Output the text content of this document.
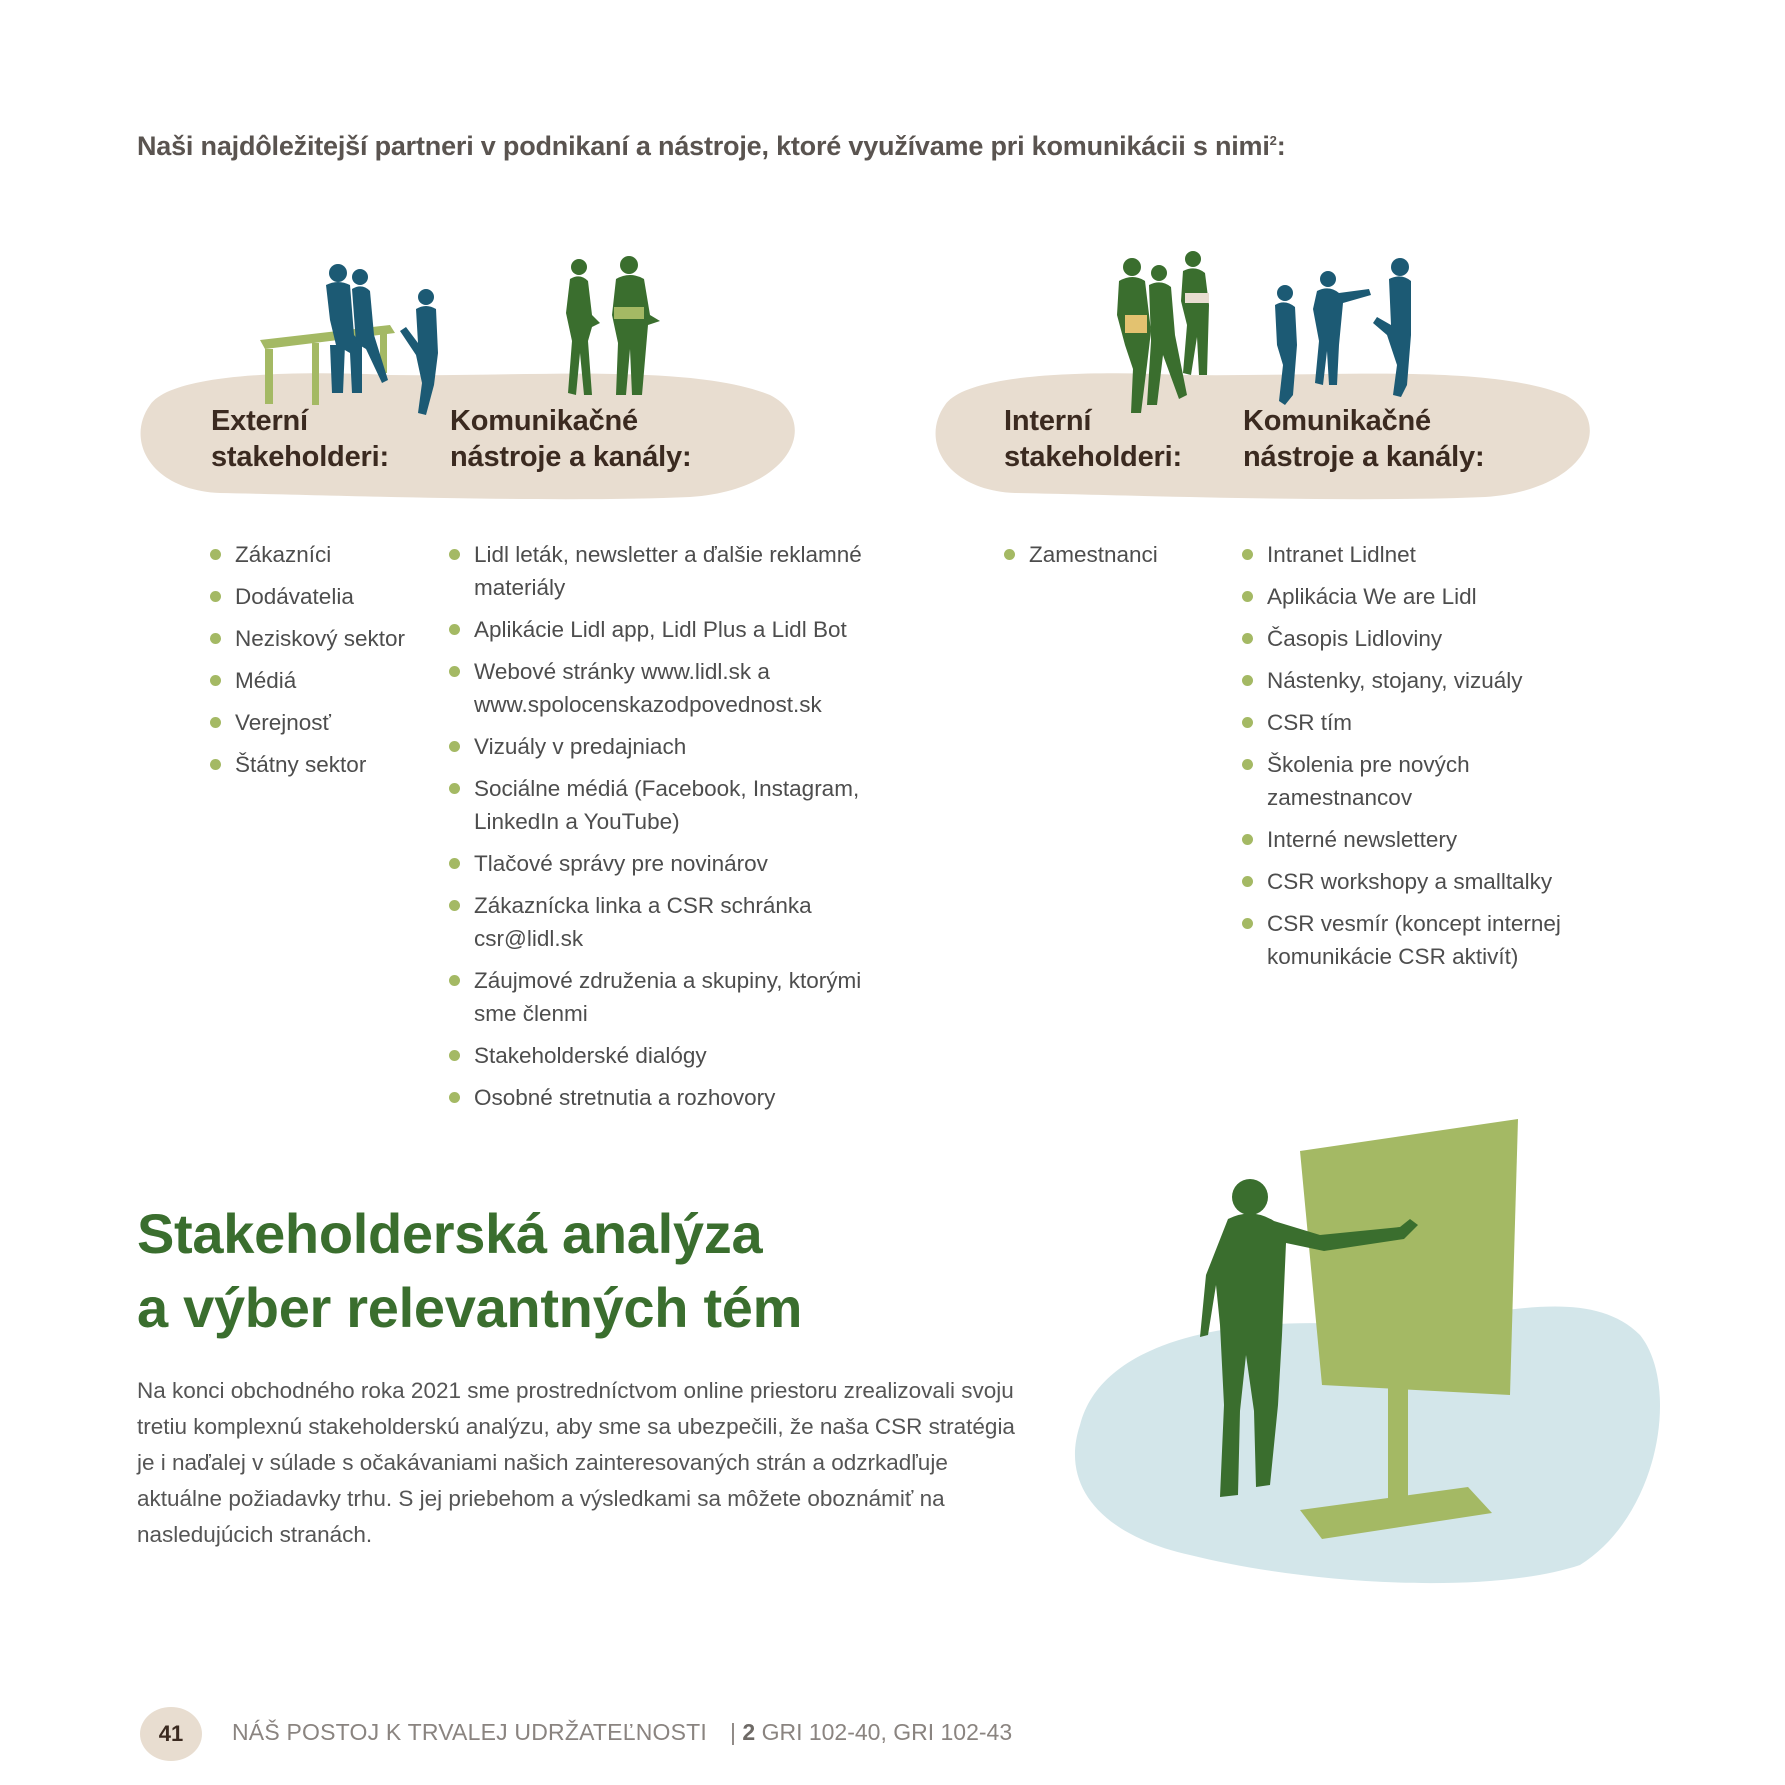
Naši najdôležitejší partneri v podnikaní a nástroje, ktoré využívame pri komunikácii s nimi$^2$:
Externí
stakeholderi:
Komunikačné
nástroje a kanály:
Zákazníci
Dodávatelia
Neziskový sektor
Médiá
Verejnosť
Štátny sektor
Lidl leták, newsletter a ďalšie reklamné materiály
Aplikácie Lidl app, Lidl Plus a Lidl Bot
Webové stránky www.lidl.sk a www.spolocenskazodpovednost.sk
Vizuály v predajniach
Sociálne médiá (Facebook, Instagram, LinkedIn a YouTube)
Tlačové správy pre novinárov
Zákaznícka linka a CSR schránka csr@lidl.sk
Záujmové združenia a skupiny, ktorými sme členmi
Stakeholderské dialógy
Osobné stretnutia a rozhovory
Interní
stakeholderi:
Komunikačné
nástroje a kanály:
Zamestnanci	Intranet Lidlnet
Aplikácia We are Lidl
Časopis Lidloviny
Nástenky, stojany, vizuály
CSR tím
Školenia pre nových zamestnancov
Interné newslettery
CSR workshopy a smalltalky
CSR vesmír (koncept internej komunikácie CSR aktivít)
Stakeholderská analýza
a výber relevantných tém
Na konci obchodného roka 2021 sme prostredníctvom online priestoru zrealizovali svoju tretiu komplexnú stakeholderskú analýzu, aby sme sa ubezpečili, že naša CSR stratégia je i naďalej v súlade s očakávaniami našich zainteresovaných strán a odzrkadľuje aktuálne požiadavky trhu. S jej priebehom a výsledkami sa môžete oboznámiť na nasledujúcich stranách.
41	NÁŠ POSTOJ K TRVALEJ UDRŽATEĽNOSTI | 2 GRI 102-40, GRI 102-43
